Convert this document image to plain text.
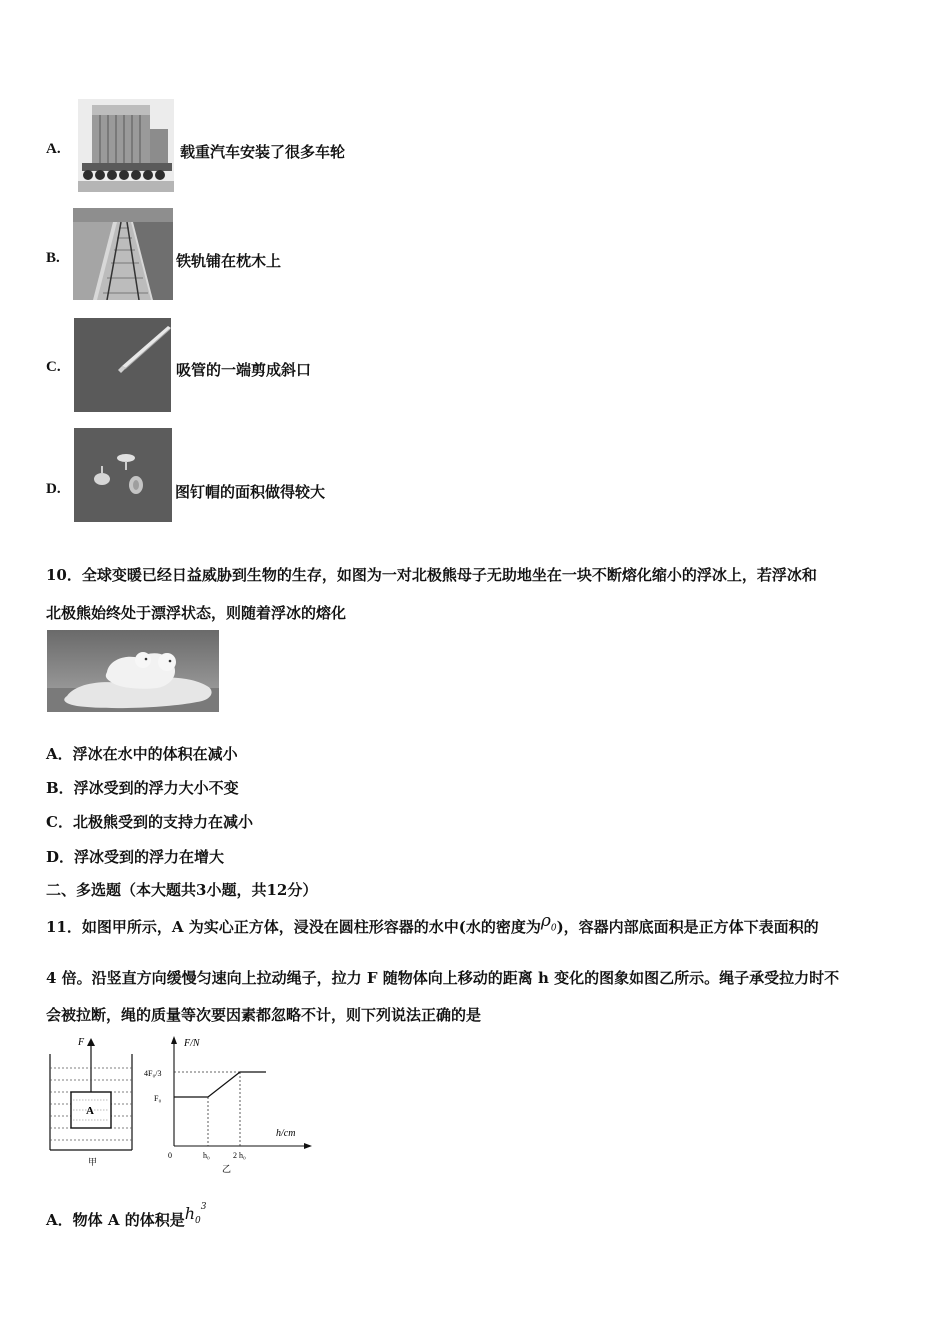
A.	载重汽车安装了很多车轮
B.	铁轨铺在枕木上
C.	吸管的一端剪成斜口
D.	图钉帽的面积做得较大
10．全球变暖已经日益威胁到生物的生存，如图为一对北极熊母子无助地坐在一块不断熔化缩小的浮冰上，若浮冰和
北极熊始终处于漂浮状态，则随着浮冰的熔化
A．浮冰在水中的体积在减小
B．浮冰受到的浮力大小不变
C．北极熊受到的支持力在减小
D．浮冰受到的浮力在增大
二、多选题（本大题共3小题，共12分）
11．如图甲所示，A 为实心正方体，浸没在圆柱形容器的水中(水的密度为$\rho_0$)，容器内部底面积是正方体下表面积的
4 倍。沿竖直方向缓慢匀速向上拉动绳子，拉力 F 随物体向上移动的距离 h 变化的图象如图乙所示。绳子承受拉力时不
会被拉断，绳的质量等次要因素都忽略不计，则下列说法正确的是
F
A
甲
F/N
h/cm
4F₀/3
F₀
0	h₀	2 h₀
乙
A．物体 A 的体积是$h_0^3$
